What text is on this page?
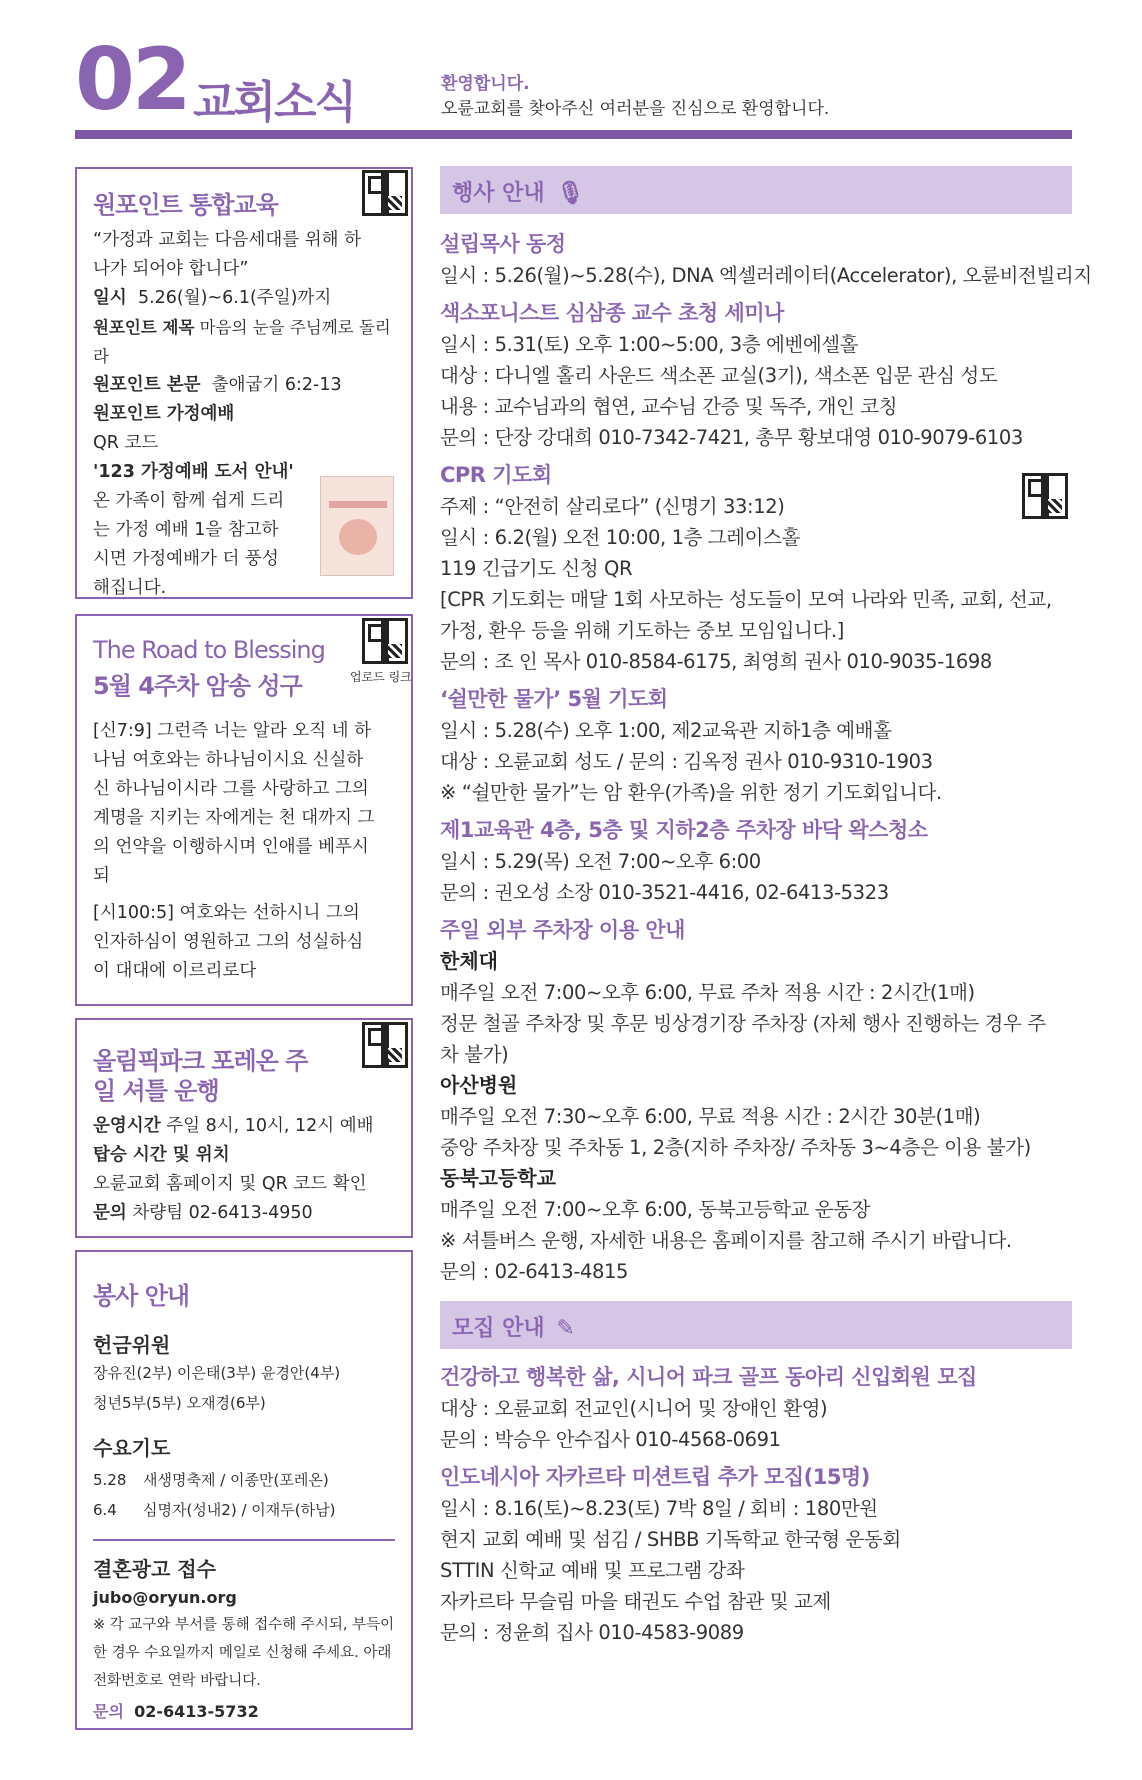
02 교회소식	환영합니다.
오륜교회를 찾아주신 여러분을 진심으로 환영합니다.
원포인트 통합교육
“가정과 교회는 다음세대를 위해 하나가 되어야 합니다”
일시 5.26(월)~6.1(주일)까지
원포인트 제목 마음의 눈을 주님께로 돌리라
원포인트 본문 출애굽기 6:2-13
원포인트 가정예배
QR 코드
'123 가정예배 도서 안내'
온 가족이 함께 쉽게 드리는 가정 예배 1을 참고하시면 가정예배가 더 풍성해집니다.
The Road to Blessing
5월 4주차 암송 성구
[신7:9] 그런즉 너는 알라 오직 네 하나님 여호와는 하나님이시요 신실하신 하나님이시라 그를 사랑하고 그의 계명을 지키는 자에게는 천 대까지 그의 언약을 이행하시며 인애를 베푸시되
[시100:5] 여호와는 선하시니 그의 인자하심이 영원하고 그의 성실하심이 대대에 이르리로다
업로드 링크
올림픽파크 포레온 주일 셔틀 운행
운영시간 주일 8시, 10시, 12시 예배
탑승 시간 및 위치
오륜교회 홈페이지 및 QR 코드 확인
문의 차량팀 02-6413-4950
봉사 안내
헌금위원
장유진(2부) 이은태(3부) 윤경안(4부)
청년5부(5부) 오재경(6부)
수요기도
5.28 새생명축제 / 이종만(포레온)
6.4 심명자(성내2) / 이재두(하남)
결혼광고 접수
jubo@oryun.org
※ 각 교구와 부서를 통해 접수해 주시되, 부득이한 경우 수요일까지 메일로 신청해 주세요. 아래 전화번호로 연락 바랍니다.
문의 02-6413-5732
행사 안내 🎙
설립목사 동정
일시 : 5.26(월)~5.28(수), DNA 엑셀러레이터(Accelerator), 오륜비전빌리지
색소포니스트 심삼종 교수 초청 세미나
일시 : 5.31(토) 오후 1:00~5:00, 3층 에벤에셀홀
대상 : 다니엘 홀리 사운드 색소폰 교실(3기), 색소폰 입문 관심 성도
내용 : 교수님과의 협연, 교수님 간증 및 독주, 개인 코칭
문의 : 단장 강대희 010-7342-7421, 총무 황보대영 010-9079-6103
CPR 기도회
주제 : “안전히 살리로다” (신명기 33:12)
일시 : 6.2(월) 오전 10:00, 1층 그레이스홀
119 긴급기도 신청 QR
[CPR 기도회는 매달 1회 사모하는 성도들이 모여 나라와 민족, 교회, 선교, 가정, 환우 등을 위해 기도하는 중보 모임입니다.]
문의 : 조 인 목사 010-8584-6175, 최영희 권사 010-9035-1698
‘쉴만한 물가’ 5월 기도회
일시 : 5.28(수) 오후 1:00, 제2교육관 지하1층 예배홀
대상 : 오륜교회 성도 / 문의 : 김옥정 권사 010-9310-1903
※ “쉴만한 물가”는 암 환우(가족)을 위한 정기 기도회입니다.
제1교육관 4층, 5층 및 지하2층 주차장 바닥 왁스청소
일시 : 5.29(목) 오전 7:00~오후 6:00
문의 : 권오성 소장 010-3521-4416, 02-6413-5323
주일 외부 주차장 이용 안내
한체대
매주일 오전 7:00~오후 6:00, 무료 주차 적용 시간 : 2시간(1매)
정문 철골 주차장 및 후문 빙상경기장 주차장 (자체 행사 진행하는 경우 주차 불가)
아산병원
매주일 오전 7:30~오후 6:00, 무료 적용 시간 : 2시간 30분(1매)
중앙 주차장 및 주차동 1, 2층(지하 주차장/ 주차동 3~4층은 이용 불가)
동북고등학교
매주일 오전 7:00~오후 6:00, 동북고등학교 운동장
※ 셔틀버스 운행, 자세한 내용은 홈페이지를 참고해 주시기 바랍니다.
문의 : 02-6413-4815
모집 안내 ✎
건강하고 행복한 삶, 시니어 파크 골프 동아리 신입회원 모집
대상 : 오륜교회 전교인(시니어 및 장애인 환영)
문의 : 박승우 안수집사 010-4568-0691
인도네시아 자카르타 미션트립 추가 모집(15명)
일시 : 8.16(토)~8.23(토) 7박 8일 / 회비 : 180만원
현지 교회 예배 및 섬김 / SHBB 기독학교 한국형 운동회
STTIN 신학교 예배 및 프로그램 강좌
자카르타 무슬림 마을 태권도 수업 참관 및 교제
문의 : 정윤희 집사 010-4583-9089
